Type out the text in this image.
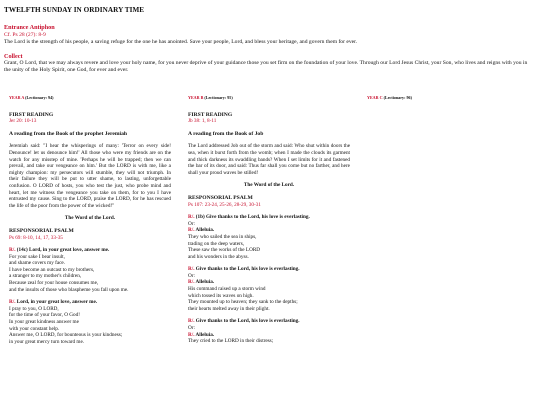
TWELFTH SUNDAY IN ORDINARY TIME
Entrance Antiphon
Cf. Ps 28 (27): 8-9
The Lord is the strength of his people, a saving refuge for the one he has anointed. Save your people, Lord, and bless your heritage, and govern them for ever.
Collect
Grant, O Lord, that we may always revere and love your holy name, for you never deprive of your guidance those you set firm on the foundation of your love. Through our Lord Jesus Christ, your Son, who lives and reigns with you in the unity of the Holy Spirit, one God, for ever and ever.
YEAR A (Lectionary: 94)
FIRST READING
Jer 20: 10-13
A reading from the Book of the prophet Jeremiah
Jeremiah said: "I hear the whisperings of many: 'Terror on every side! Denounce! let us denounce him!' All those who were my friends are on the watch for any misstep of mine. 'Perhaps he will be trapped; then we can prevail, and take our vengeance on him.' But the LORD is with me, like a mighty champion: my persecutors will stumble, they will not triumph. In their failure they will be put to utter shame, to lasting, unforgettable confusion. O LORD of hosts, you who test the just, who probe mind and heart, let me witness the vengeance you take on them, for to you I have entrusted my cause. Sing to the LORD, praise the LORD, for he has rescued the life of the poor from the power of the wicked!"
The Word of the Lord.
RESPONSORIAL PSALM
Ps 69: 8-10, 14, 17, 33-35
R/. (14c) Lord, in your great love, answer me.
For your sake I bear insult,
and shame covers my face.
I have become an outcast to my brothers,
a stranger to my mother's children,
Because zeal for your house consumes me,
and the insults of those who blaspheme you fall upon me.
R/. Lord, in your great love, answer me.
I pray to you, O LORD,
for the time of your favor, O God!
In your great kindness answer me
with your constant help.
Answer me, O LORD, for bounteous is your kindness;
in your great mercy turn toward me.
YEAR B (Lectionary: 95)
FIRST READING
Jb 38: 1, 8-11
A reading from the Book of Job
The Lord addressed Job out of the storm and said: Who shut within doors the sea, when it burst forth from the womb; when I made the clouds its garment and thick darkness its swaddling bands? When I set limits for it and fastened the bar of its door, and said: Thus far shall you come but no farther, and here shall your proud waves be stilled!
The Word of the Lord.
RESPONSORIAL PSALM
Ps 107: 23-24, 25-26, 28-29, 30-31
R/. (1b) Give thanks to the Lord, his love is everlasting.
Or:
R/. Alleluia.
They who sailed the sea in ships,
trading on the deep waters,
These saw the works of the LORD
and his wonders in the abyss.
R/. Give thanks to the Lord, his love is everlasting.
Or:
R/. Alleluia.
His command raised up a storm wind
which tossed its waves on high.
They mounted up to heaven; they sank to the depths;
their hearts melted away in their plight.
R/. Give thanks to the Lord, his love is everlasting.
Or:
R/. Alleluia.
They cried to the LORD in their distress;
YEAR C (Lectionary: 96)
